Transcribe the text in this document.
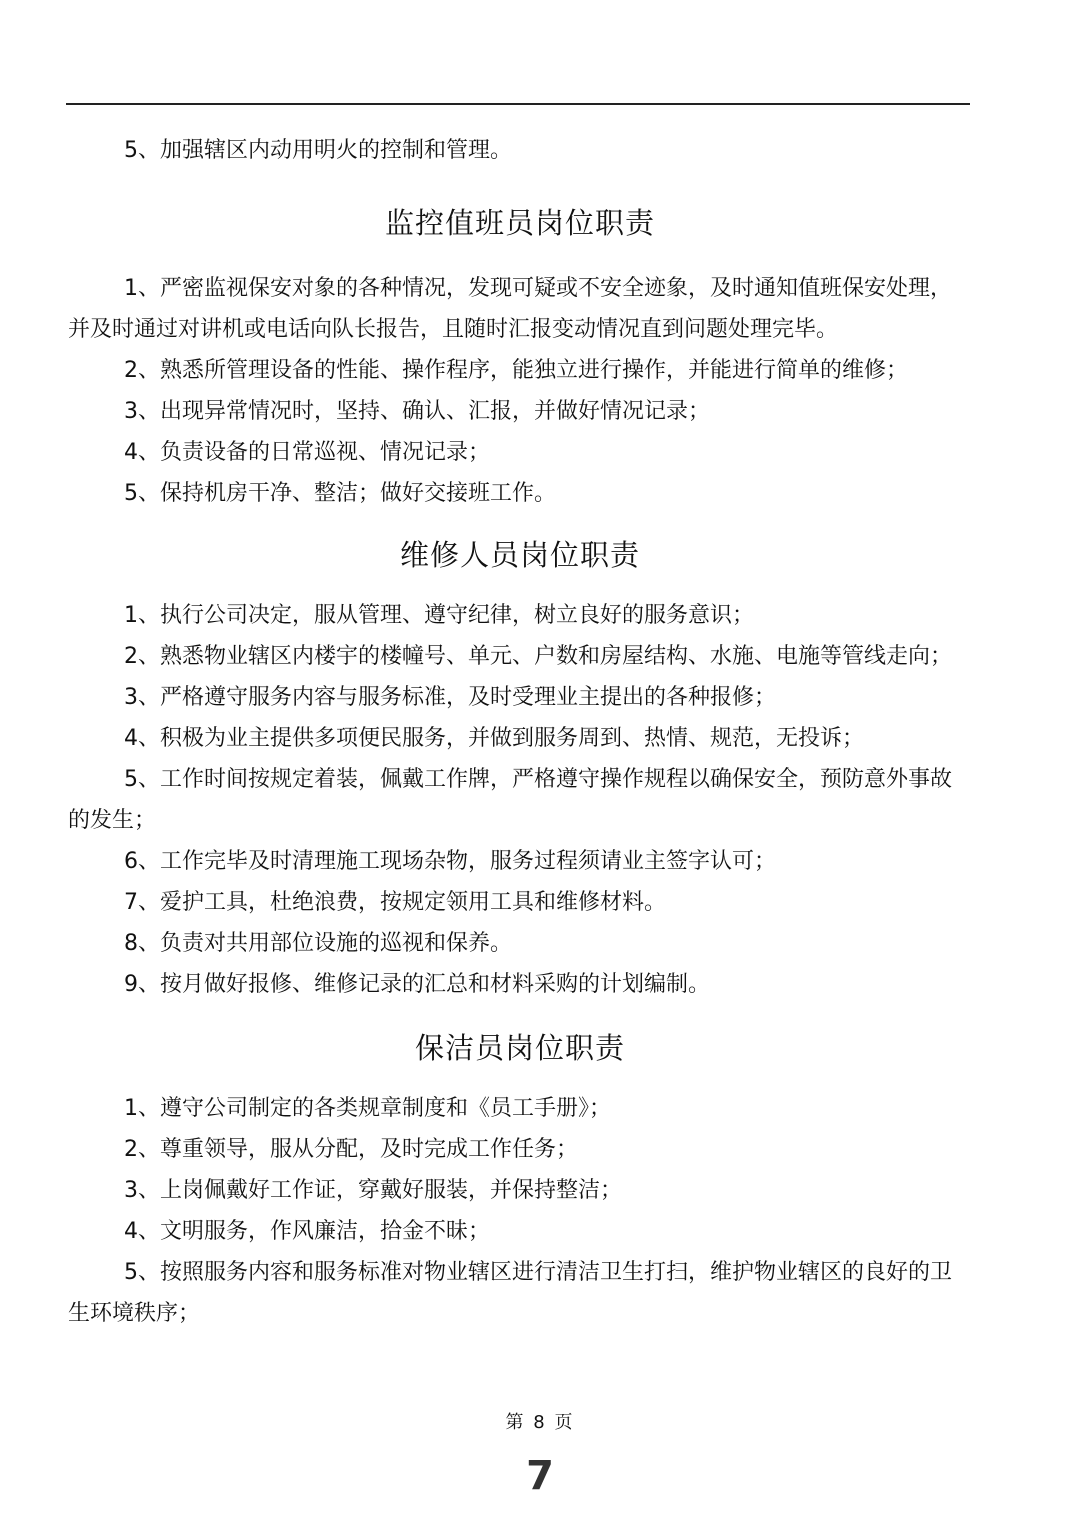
5、加强辖区内动用明火的控制和管理。

监控值班员岗位职责

1、严密监视保安对象的各种情况，发现可疑或不安全迹象，及时通知值班保安处理，并及时通过对讲机或电话向队长报告，且随时汇报变动情况直到问题处理完毕。

2、熟悉所管理设备的性能、操作程序，能独立进行操作，并能进行简单的维修；

3、出现异常情况时，坚持、确认、汇报，并做好情况记录；

4、负责设备的日常巡视、情况记录；

5、保持机房干净、整洁；做好交接班工作。

维修人员岗位职责

1、执行公司决定，服从管理、遵守纪律，树立良好的服务意识；

2、熟悉物业辖区内楼宇的楼幢号、单元、户数和房屋结构、水施、电施等管线走向；

3、严格遵守服务内容与服务标准，及时受理业主提出的各种报修；

4、积极为业主提供多项便民服务，并做到服务周到、热情、规范，无投诉；

5、工作时间按规定着装，佩戴工作牌，严格遵守操作规程以确保安全，预防意外事故的发生；

6、工作完毕及时清理施工现场杂物，服务过程须请业主签字认可；

7、爱护工具，杜绝浪费，按规定领用工具和维修材料。

8、负责对共用部位设施的巡视和保养。

9、按月做好报修、维修记录的汇总和材料采购的计划编制。

保洁员岗位职责

1、遵守公司制定的各类规章制度和《员工手册》；

2、尊重领导，服从分配，及时完成工作任务；

3、上岗佩戴好工作证，穿戴好服装，并保持整洁；

4、文明服务，作风廉洁，拾金不昧；

5、按照服务内容和服务标准对物业辖区进行清洁卫生打扫，维护物业辖区的良好的卫生环境秩序；

第 8 页
7
